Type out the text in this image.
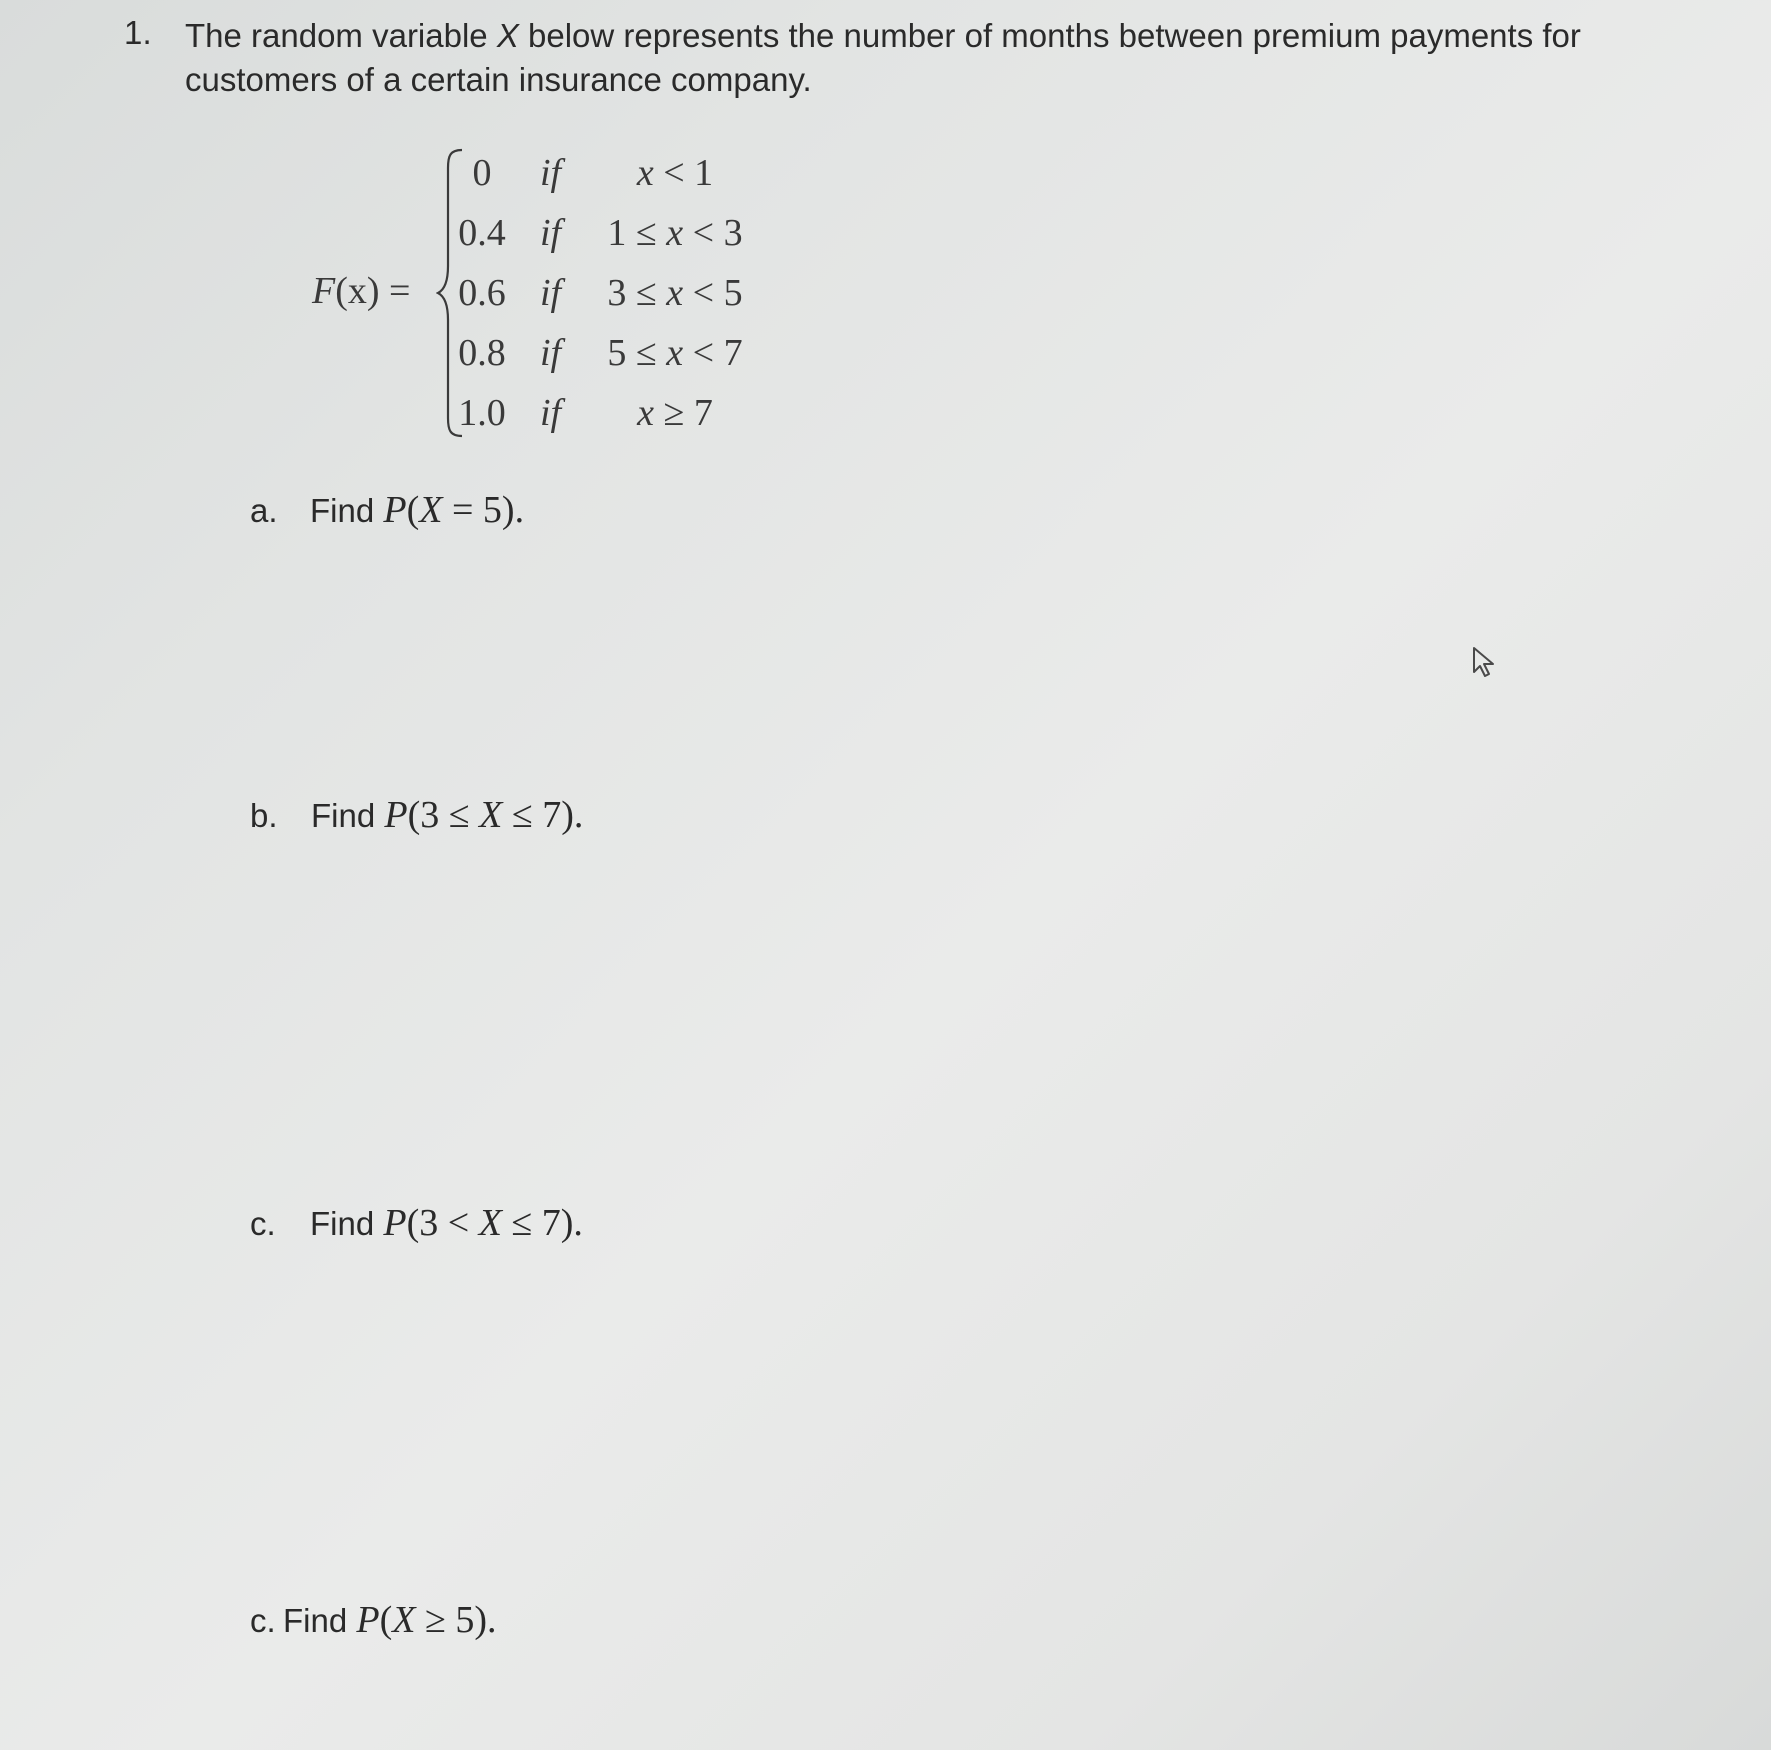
1. The random variable X below represents the number of months between premium payments for customers of a certain insurance company.
F(x) =
0	if	x < 1
0.4 if 1 ≤ x < 3
0.6 if 3 ≤ x < 5
0.8 if 5 ≤ x < 7
1.0 if	x ≥ 7
a. Find P(X = 5).
b. Find P(3 ≤ X ≤ 7).
c. Find P(3 < X ≤ 7).
c. Find P(X ≥ 5).
